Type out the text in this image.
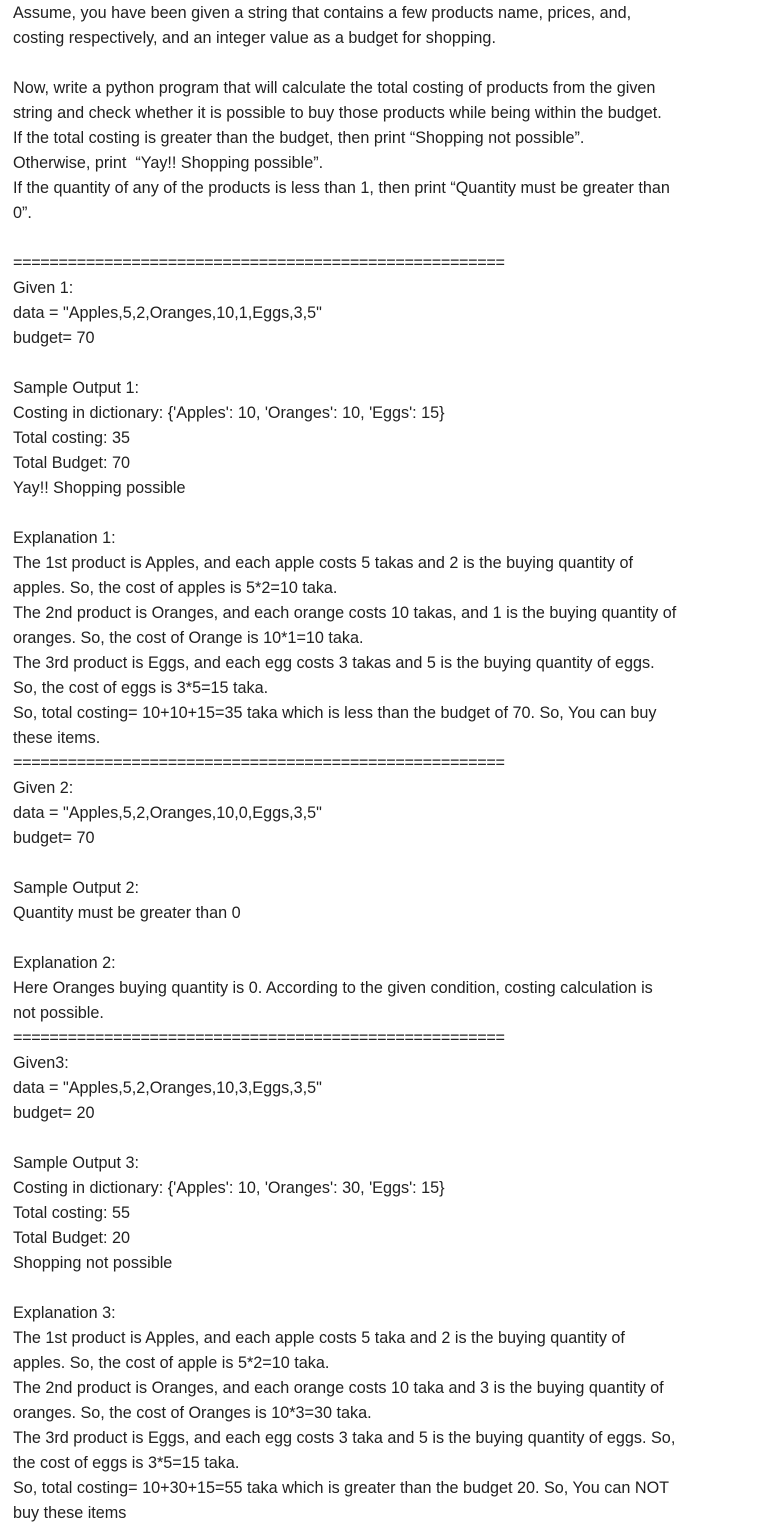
Assume, you have been given a string that contains a few products name, prices, and,
costing respectively, and an integer value as a budget for shopping.
Now, write a python program that will calculate the total costing of products from the given
string and check whether it is possible to buy those products while being within the budget.
If the total costing is greater than the budget, then print “Shopping not possible”.
Otherwise, print  “Yay!! Shopping possible”.
If the quantity of any of the products is less than 1, then print “Quantity must be greater than
0”.
======================================================
Given 1:
data = "Apples,5,2,Oranges,10,1,Eggs,3,5"
budget= 70
Sample Output 1:
Costing in dictionary: {'Apples': 10, 'Oranges': 10, 'Eggs': 15}
Total costing: 35
Total Budget: 70
Yay!! Shopping possible
Explanation 1:
The 1st product is Apples, and each apple costs 5 takas and 2 is the buying quantity of
apples. So, the cost of apples is 5*2=10 taka.
The 2nd product is Oranges, and each orange costs 10 takas, and 1 is the buying quantity of
oranges. So, the cost of Orange is 10*1=10 taka.
The 3rd product is Eggs, and each egg costs 3 takas and 5 is the buying quantity of eggs.
So, the cost of eggs is 3*5=15 taka.
So, total costing= 10+10+15=35 taka which is less than the budget of 70. So, You can buy
these items.
======================================================
Given 2:
data = "Apples,5,2,Oranges,10,0,Eggs,3,5"
budget= 70
Sample Output 2:
Quantity must be greater than 0
Explanation 2:
Here Oranges buying quantity is 0. According to the given condition, costing calculation is
not possible.
======================================================
Given3:
data = "Apples,5,2,Oranges,10,3,Eggs,3,5"
budget= 20
Sample Output 3:
Costing in dictionary: {'Apples': 10, 'Oranges': 30, 'Eggs': 15}
Total costing: 55
Total Budget: 20
Shopping not possible
Explanation 3:
The 1st product is Apples, and each apple costs 5 taka and 2 is the buying quantity of
apples. So, the cost of apple is 5*2=10 taka.
The 2nd product is Oranges, and each orange costs 10 taka and 3 is the buying quantity of
oranges. So, the cost of Oranges is 10*3=30 taka.
The 3rd product is Eggs, and each egg costs 3 taka and 5 is the buying quantity of eggs. So,
the cost of eggs is 3*5=15 taka.
So, total costing= 10+30+15=55 taka which is greater than the budget 20. So, You can NOT
buy these items
